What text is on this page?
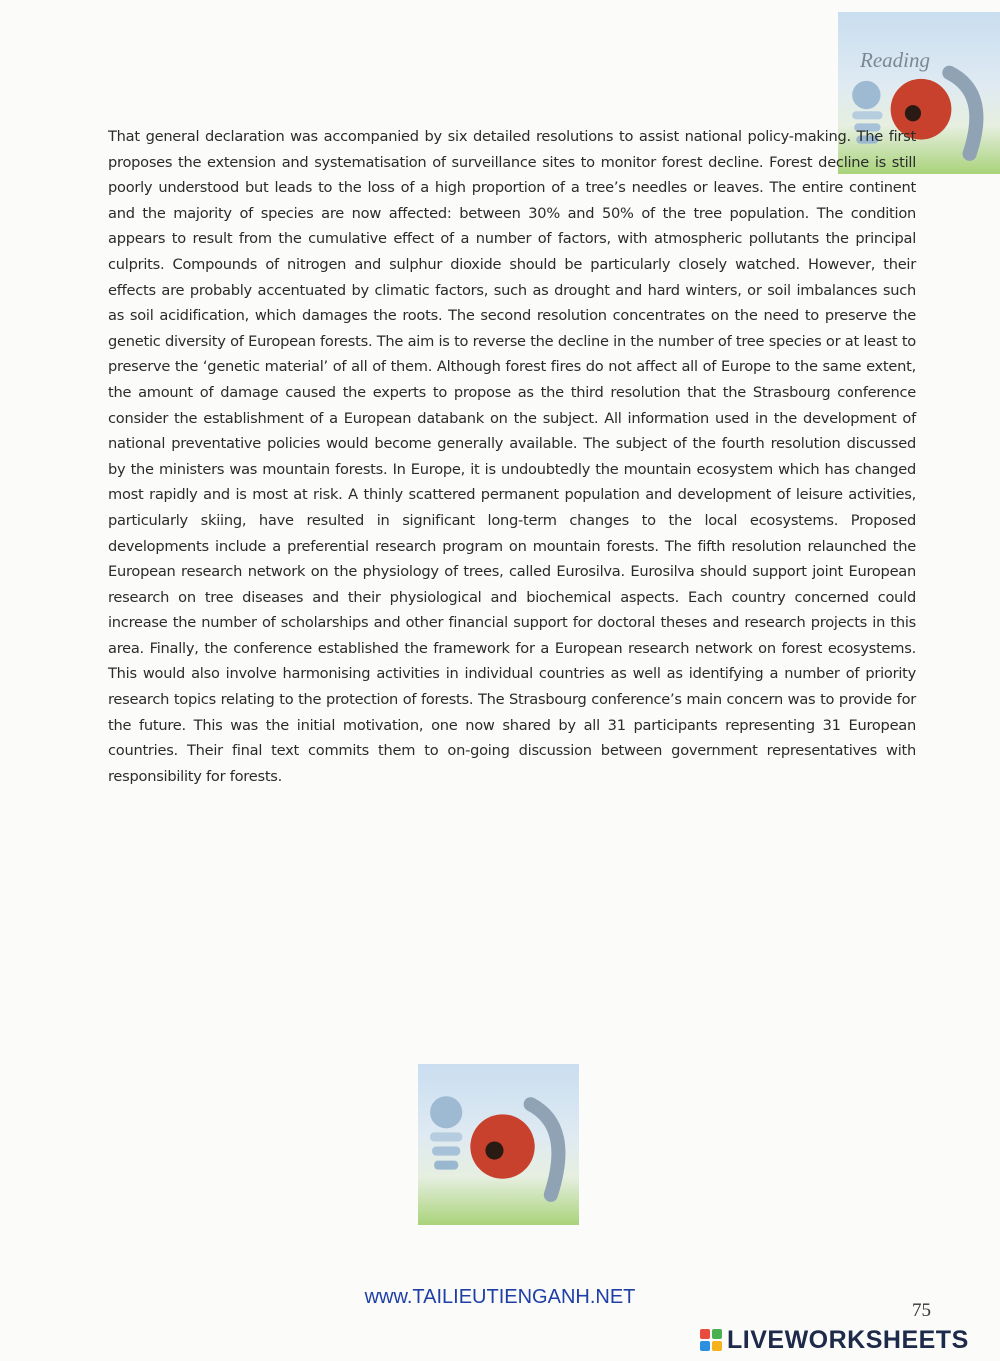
Reading

That general declaration was accompanied by six detailed resolutions to assist national policy-making. The first proposes the extension and systematisation of surveillance sites to monitor forest decline. Forest decline is still poorly understood but leads to the loss of a high proportion of a tree’s needles or leaves. The entire continent and the majority of species are now affected: between 30% and 50% of the tree population. The condition appears to result from the cumulative effect of a number of factors, with atmospheric pollutants the principal culprits. Compounds of nitrogen and sulphur dioxide should be particularly closely watched. However, their effects are probably accentuated by climatic factors, such as drought and hard winters, or soil imbalances such as soil acidification, which damages the roots. The second resolution concentrates on the need to preserve the genetic diversity of European forests. The aim is to reverse the decline in the number of tree species or at least to preserve the ‘genetic material’ of all of them. Although forest fires do not affect all of Europe to the same extent, the amount of damage caused the experts to propose as the third resolution that the Strasbourg conference consider the establishment of a European databank on the subject. All information used in the development of national preventative policies would become generally available. The subject of the fourth resolution discussed by the ministers was mountain forests. In Europe, it is undoubtedly the mountain ecosystem which has changed most rapidly and is most at risk. A thinly scattered permanent population and development of leisure activities, particularly skiing, have resulted in significant long-term changes to the local ecosystems. Proposed developments include a preferential research program on mountain forests. The fifth resolution relaunched the European research network on the physiology of trees, called Eurosilva. Eurosilva should support joint European research on tree diseases and their physiological and biochemical aspects. Each country concerned could increase the number of scholarships and other financial support for doctoral theses and research projects in this area. Finally, the conference established the framework for a European research network on forest ecosystems. This would also involve harmonising activities in individual countries as well as identifying a number of priority research topics relating to the protection of forests. The Strasbourg conference’s main concern was to provide for the future. This was the initial motivation, one now shared by all 31 participants representing 31 European countries. Their final text commits them to on-going discussion between government representatives with responsibility for forests.

www.TAILIEUTIENGANH.NET
75
LIVEWORKSHEETS
